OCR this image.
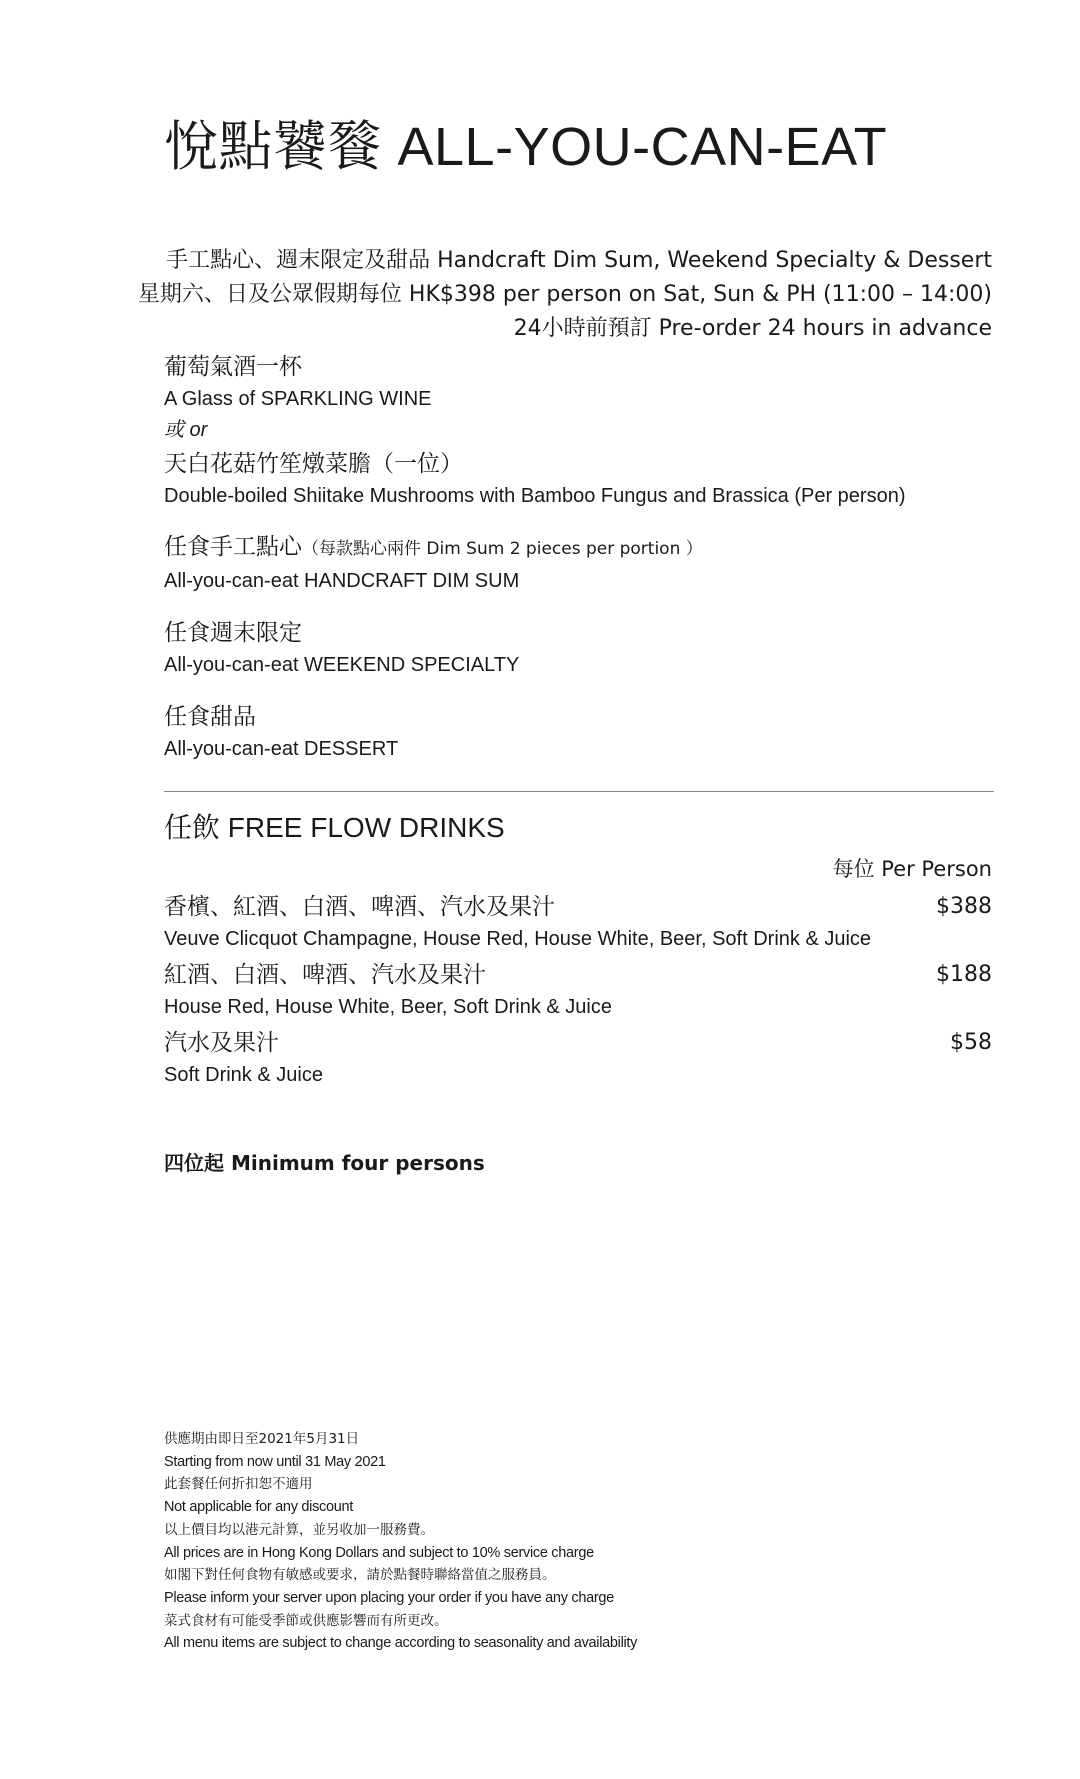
悅點饕餮 ALL-YOU-CAN-EAT
手工點心、週末限定及甜品 Handcraft Dim Sum, Weekend Specialty & Dessert
星期六、日及公眾假期每位 HK$398 per person on Sat, Sun & PH (11:00 – 14:00)
24小時前預訂 Pre-order 24 hours in advance
葡萄氣酒一杯
A Glass of SPARKLING WINE
或 or
天白花菇竹笙燉菜膽（一位）
Double-boiled Shiitake Mushrooms with Bamboo Fungus and Brassica (Per person)
任食手工點心（每款點心兩件 Dim Sum 2 pieces per portion ）
All-you-can-eat HANDCRAFT DIM SUM
任食週末限定
All-you-can-eat WEEKEND SPECIALTY
任食甜品
All-you-can-eat DESSERT
任飲 FREE FLOW DRINKS
每位 Per Person
香檳、紅酒、白酒、啤酒、汽水及果汁	$388
Veuve Clicquot Champagne, House Red, House White, Beer, Soft Drink & Juice
紅酒、白酒、啤酒、汽水及果汁	$188
House Red, House White, Beer, Soft Drink & Juice
汽水及果汁	$58
Soft Drink & Juice
四位起 Minimum four persons
供應期由即日至2021年5月31日
Starting from now until 31 May 2021
此套餐任何折扣恕不適用
Not applicable for any discount
以上價目均以港元計算，並另收加一服務費。
All prices are in Hong Kong Dollars and subject to 10% service charge
如閣下對任何食物有敏感或要求，請於點餐時聯絡當值之服務員。
Please inform your server upon placing your order if you have any charge
菜式食材有可能受季節或供應影響而有所更改。
All menu items are subject to change according to seasonality and availability
